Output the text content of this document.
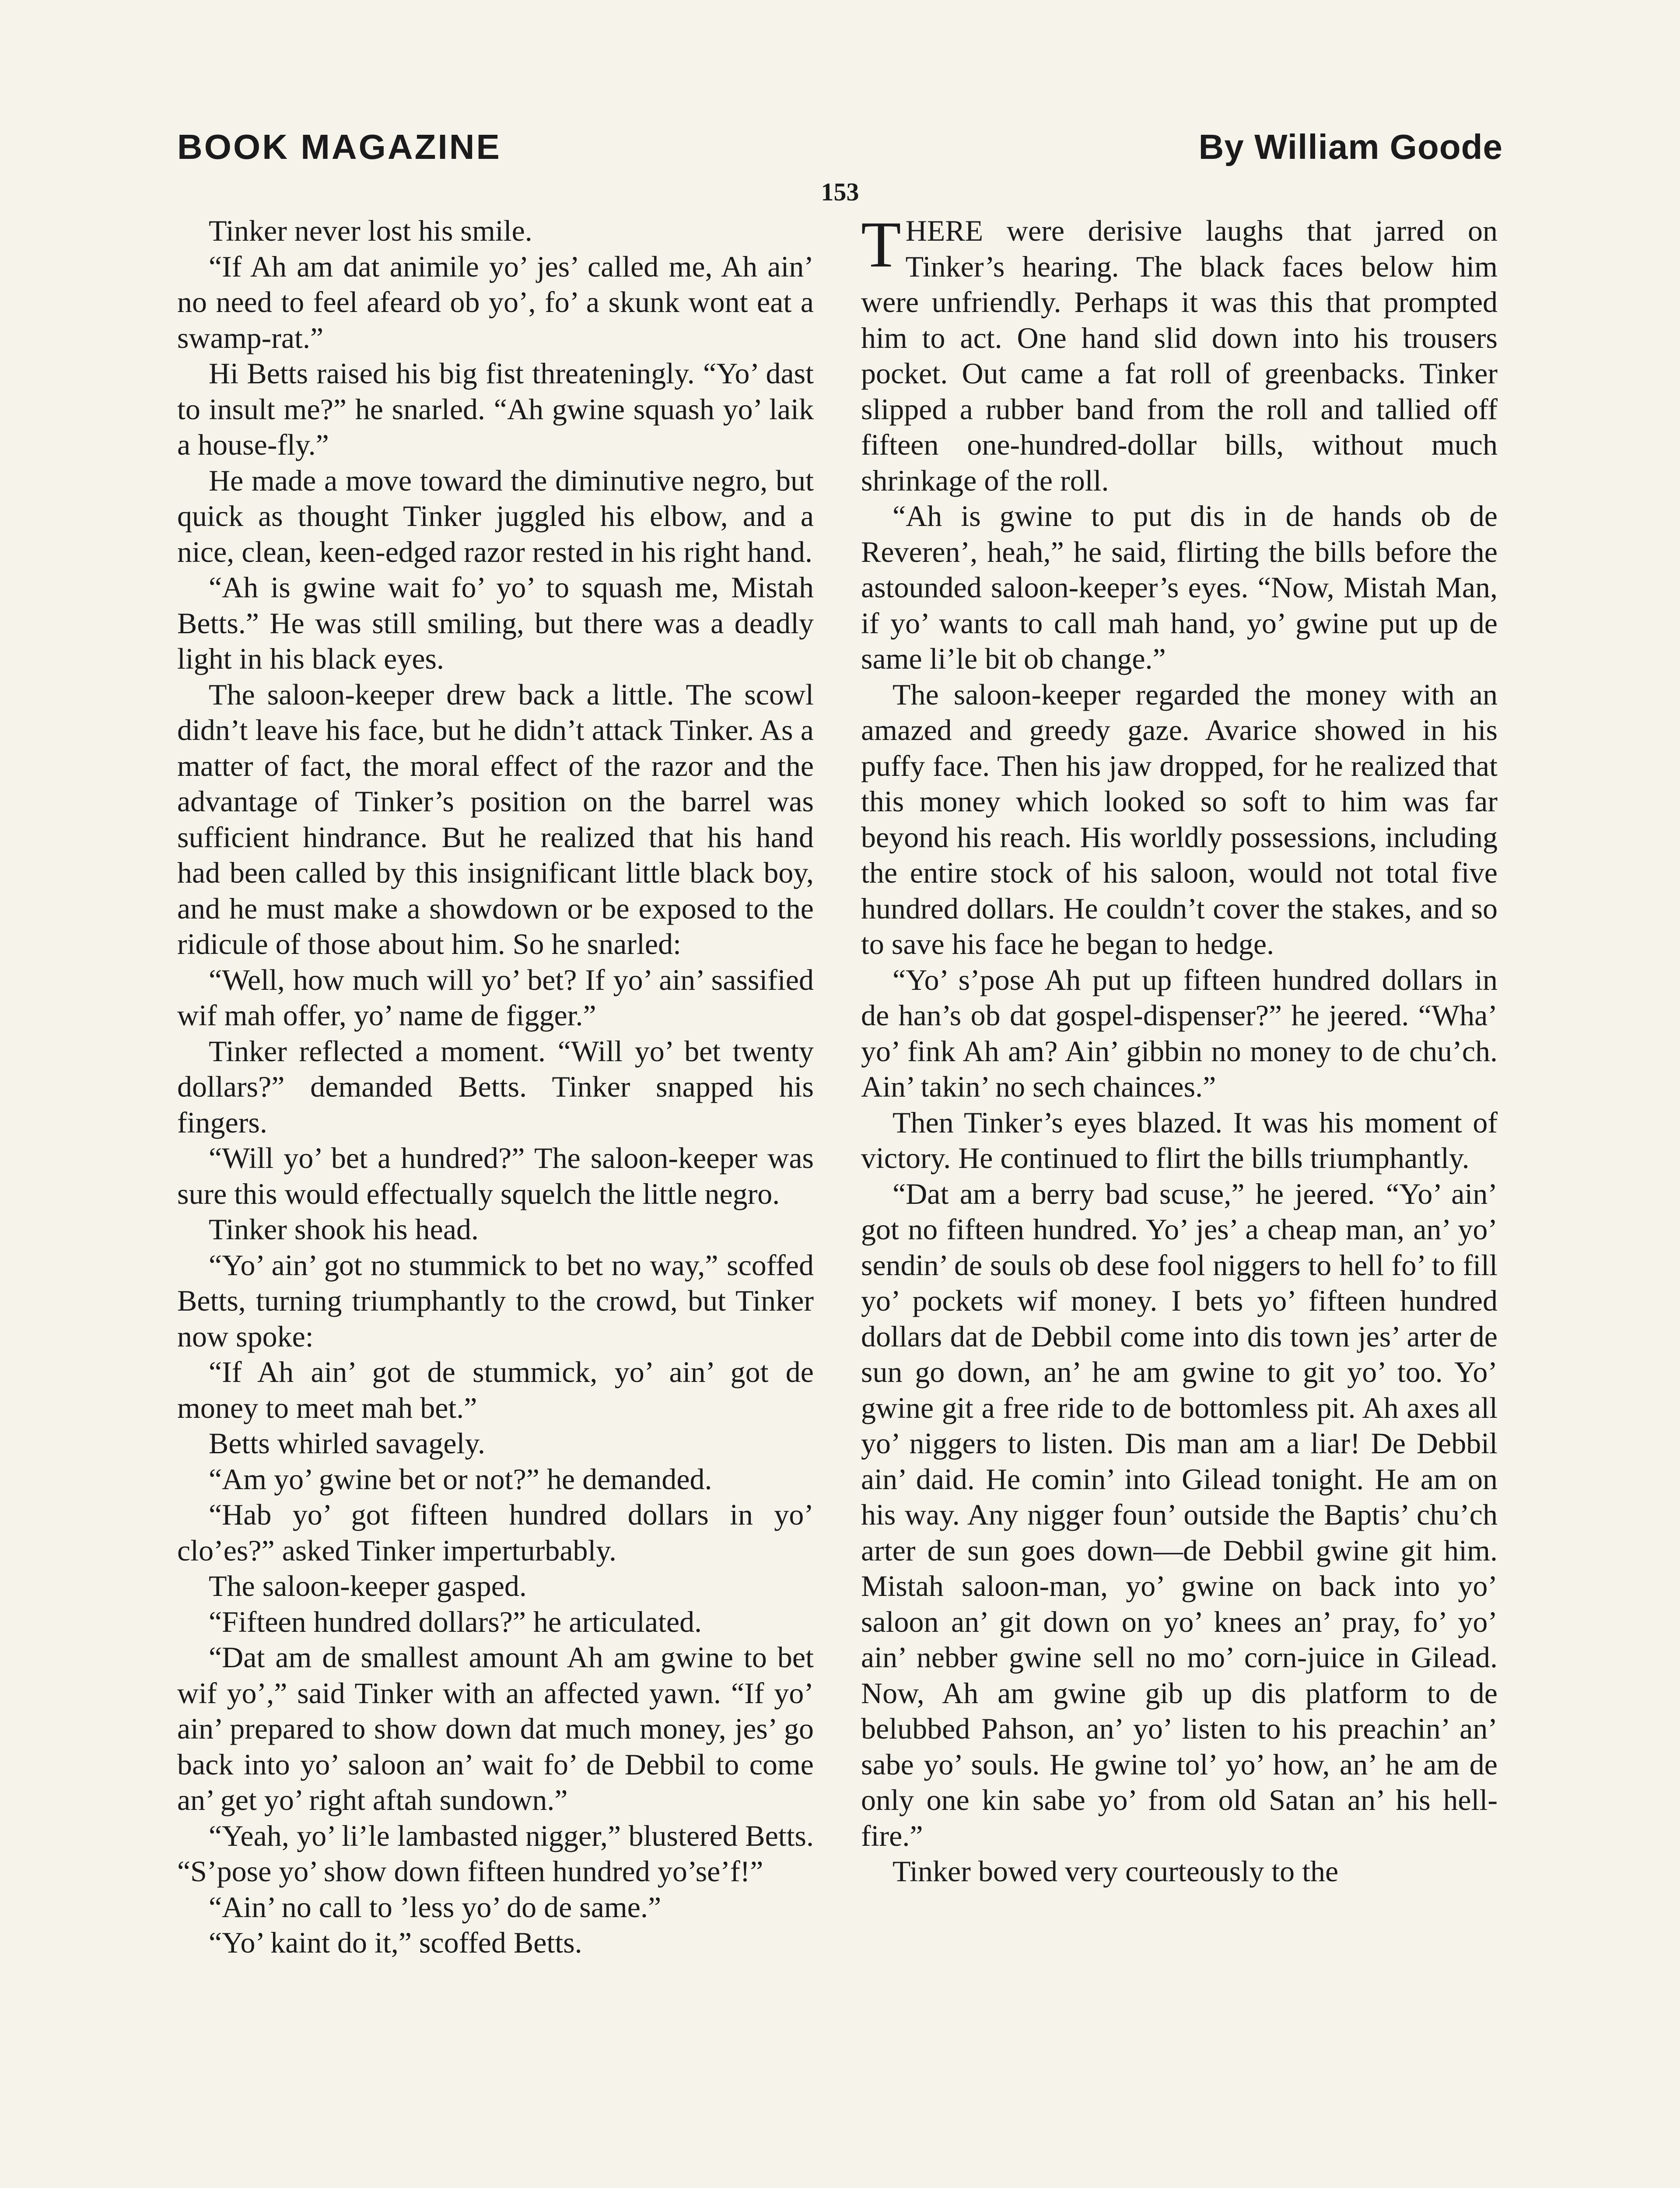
BOOK MAGAZINE	By William Goode
153

Tinker never lost his smile.

“If Ah am dat animile yo’ jes’ called me, Ah ain’ no need to feel afeard ob yo’, fo’ a skunk wont eat a swamp-rat.”

Hi Betts raised his big fist threateningly. “Yo’ dast to insult me?” he snarled. “Ah gwine squash yo’ laik a house-fly.”

He made a move toward the diminutive negro, but quick as thought Tinker juggled his elbow, and a nice, clean, keen-edged razor rested in his right hand.

“Ah is gwine wait fo’ yo’ to squash me, Mistah Betts.” He was still smiling, but there was a deadly light in his black eyes.

The saloon-keeper drew back a little. The scowl didn’t leave his face, but he didn’t attack Tinker. As a matter of fact, the moral effect of the razor and the advantage of Tinker’s position on the barrel was sufficient hindrance. But he realized that his hand had been called by this insignificant little black boy, and he must make a showdown or be exposed to the ridicule of those about him. So he snarled:

“Well, how much will yo’ bet? If yo’ ain’ sassified wif mah offer, yo’ name de figger.”

Tinker reflected a moment. “Will yo’ bet twenty dollars?” demanded Betts. Tinker snapped his fingers.

“Will yo’ bet a hundred?” The saloon-keeper was sure this would effectually squelch the little negro.

Tinker shook his head.

“Yo’ ain’ got no stummick to bet no way,” scoffed Betts, turning triumphantly to the crowd, but Tinker now spoke:

“If Ah ain’ got de stummick, yo’ ain’ got de money to meet mah bet.”

Betts whirled savagely.

“Am yo’ gwine bet or not?” he demanded.

“Hab yo’ got fifteen hundred dollars in yo’ clo’es?” asked Tinker imperturbably.

The saloon-keeper gasped.

“Fifteen hundred dollars?” he articulated.

“Dat am de smallest amount Ah am gwine to bet wif yo’,” said Tinker with an affected yawn. “If yo’ ain’ prepared to show down dat much money, jes’ go back into yo’ saloon an’ wait fo’ de Debbil to come an’ get yo’ right aftah sundown.”

“Yeah, yo’ li’le lambasted nigger,” blustered Betts. “S’pose yo’ show down fifteen hundred yo’se’f!”

“Ain’ no call to ’less yo’ do de same.”

“Yo’ kaint do it,” scoffed Betts.

THERE were derisive laughs that jarred on Tinker’s hearing. The black faces below him were unfriendly. Perhaps it was this that prompted him to act. One hand slid down into his trousers pocket. Out came a fat roll of greenbacks. Tinker slipped a rubber band from the roll and tallied off fifteen one-hundred-dollar bills, without much shrinkage of the roll.

“Ah is gwine to put dis in de hands ob de Reveren’, heah,” he said, flirting the bills before the astounded saloon-keeper’s eyes. “Now, Mistah Man, if yo’ wants to call mah hand, yo’ gwine put up de same li’le bit ob change.”

The saloon-keeper regarded the money with an amazed and greedy gaze. Avarice showed in his puffy face. Then his jaw dropped, for he realized that this money which looked so soft to him was far beyond his reach. His worldly possessions, including the entire stock of his saloon, would not total five hundred dollars. He couldn’t cover the stakes, and so to save his face he began to hedge.

“Yo’ s’pose Ah put up fifteen hundred dollars in de han’s ob dat gospel-dispenser?” he jeered. “Wha’ yo’ fink Ah am? Ain’ gibbin no money to de chu’ch. Ain’ takin’ no sech chainces.”

Then Tinker’s eyes blazed. It was his moment of victory. He continued to flirt the bills triumphantly.

“Dat am a berry bad scuse,” he jeered. “Yo’ ain’ got no fifteen hundred. Yo’ jes’ a cheap man, an’ yo’ sendin’ de souls ob dese fool niggers to hell fo’ to fill yo’ pockets wif money. I bets yo’ fifteen hundred dollars dat de Debbil come into dis town jes’ arter de sun go down, an’ he am gwine to git yo’ too. Yo’ gwine git a free ride to de bottomless pit. Ah axes all yo’ niggers to listen. Dis man am a liar! De Debbil ain’ daid. He comin’ into Gilead tonight. He am on his way. Any nigger foun’ outside the Baptis’ chu’ch arter de sun goes down—de Debbil gwine git him. Mistah saloon-man, yo’ gwine on back into yo’ saloon an’ git down on yo’ knees an’ pray, fo’ yo’ ain’ nebber gwine sell no mo’ corn-juice in Gilead. Now, Ah am gwine gib up dis platform to de belubbed Pahson, an’ yo’ listen to his preachin’ an’ sabe yo’ souls. He gwine tol’ yo’ how, an’ he am de only one kin sabe yo’ from old Satan an’ his hell-fire.”

Tinker bowed very courteously to the
